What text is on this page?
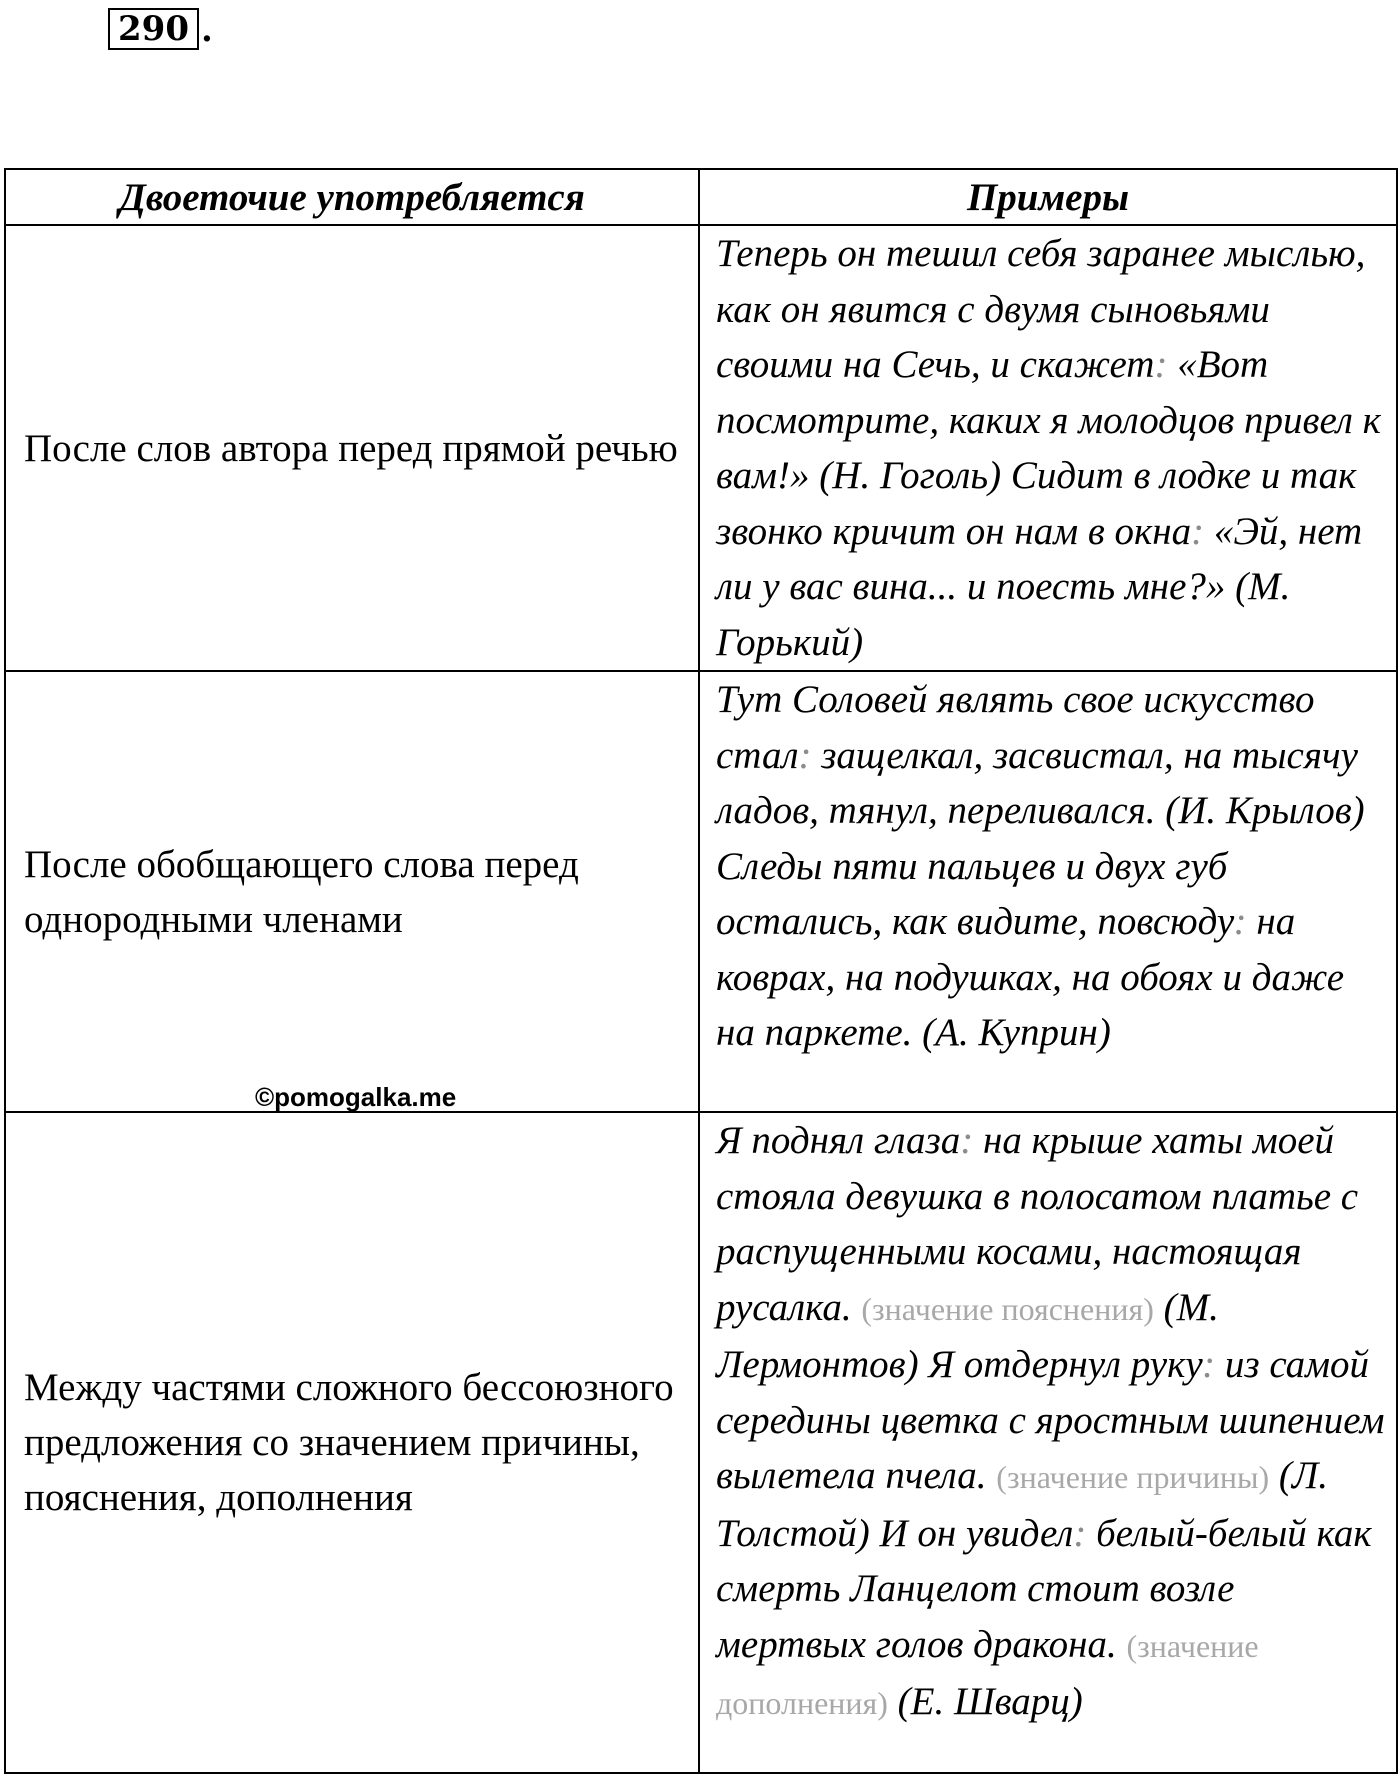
290 .
Двоеточие употребляется	Примеры
После слов автора перед прямой речью	Теперь он тешил себя заранее мыслью, как он явится с двумя сыновьями своими на Сечь, и скажет: «Вот посмотрите, каких я молодцов привел к вам!» (Н. Гоголь) Сидит в лодке и так звонко кричит он нам в окна: «Эй, нет ли у вас вина... и поесть мне?» (М. Горький)
После обобщающего слова перед однородными членами	Тут Соловей являть свое искусство стал: защелкал, засвистал, на тысячу ладов, тянул, переливался. (И. Крылов) Следы пяти пальцев и двух губ остались, как видите, повсюду: на коврах, на подушках, на обоях и даже на паркете. (А. Куприн)
Между частями сложного бессоюзного предложения со значением причины, пояснения, дополнения	Я поднял глаза: на крыше хаты моей стояла девушка в полосатом платье с распущенными косами, настоящая русалка. (значение пояснения) (М. Лермонтов) Я отдернул руку: из самой середины цветка с яростным шипением вылетела пчела. (значение причины) (Л. Толстой) И он увидел: белый-белый как смерть Ланцелот стоит возле мертвых голов дракона. (значение дополнения) (Е. Шварц)
©pomogalka.me
